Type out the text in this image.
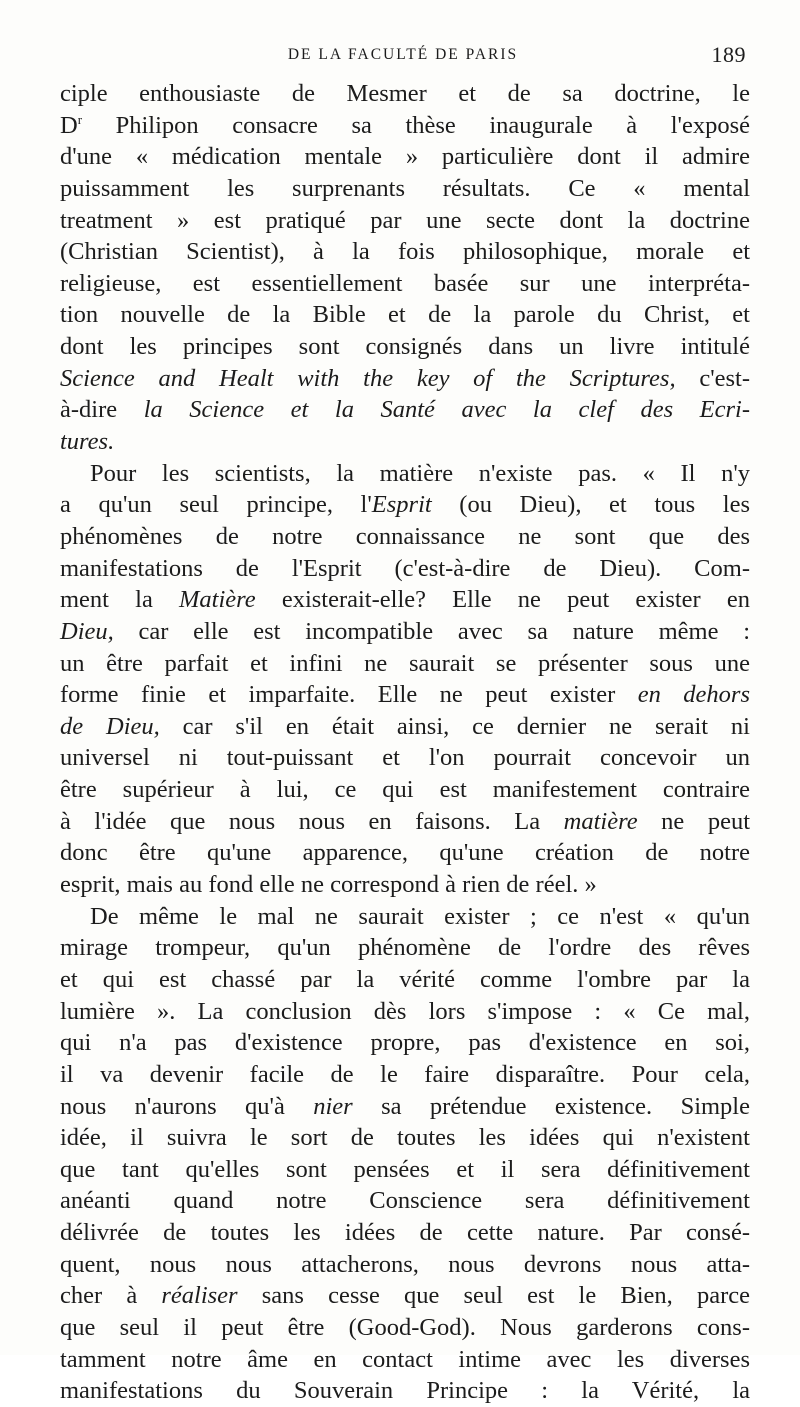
DE LA FACULTÉ DE PARIS	189
ciple enthousiaste de Mesmer et de sa doctrine, le
$D^r$ Philipon consacre sa thèse inaugurale à l'exposé
d'une « médication mentale » particulière dont il admire
puissamment les surprenants résultats. Ce « mental
treatment » est pratiqué par une secte dont la doctrine
(Christian Scientist), à la fois philosophique, morale et
religieuse, est essentiellement basée sur une interpréta-
tion nouvelle de la Bible et de la parole du Christ, et
dont les principes sont consignés dans un livre intitulé
Science and Healt with the key of the Scriptures, c'est-
à-dire la Science et la Santé avec la clef des Ecri-
tures.
Pour les scientists, la matière n'existe pas. « Il n'y
a qu'un seul principe, l'Esprit (ou Dieu), et tous les
phénomènes de notre connaissance ne sont que des
manifestations de l'Esprit (c'est-à-dire de Dieu). Com-
ment la Matière existerait-elle? Elle ne peut exister en
Dieu, car elle est incompatible avec sa nature même :
un être parfait et infini ne saurait se présenter sous une
forme finie et imparfaite. Elle ne peut exister en dehors
de Dieu, car s'il en était ainsi, ce dernier ne serait ni
universel ni tout-puissant et l'on pourrait concevoir un
être supérieur à lui, ce qui est manifestement contraire
à l'idée que nous nous en faisons. La matière ne peut
donc être qu'une apparence, qu'une création de notre
esprit, mais au fond elle ne correspond à rien de réel. »
De même le mal ne saurait exister ; ce n'est « qu'un
mirage trompeur, qu'un phénomène de l'ordre des rêves
et qui est chassé par la vérité comme l'ombre par la
lumière ». La conclusion dès lors s'impose : « Ce mal,
qui n'a pas d'existence propre, pas d'existence en soi,
il va devenir facile de le faire disparaître. Pour cela,
nous n'aurons qu'à nier sa prétendue existence. Simple
idée, il suivra le sort de toutes les idées qui n'existent
que tant qu'elles sont pensées et il sera définitivement
anéanti quand notre Conscience sera définitivement
délivrée de toutes les idées de cette nature. Par consé-
quent, nous nous attacherons, nous devrons nous atta-
cher à réaliser sans cesse que seul est le Bien, parce
que seul il peut être (Good-God). Nous garderons cons-
tamment notre âme en contact intime avec les diverses
manifestations du Souverain Principe : la Vérité, la
